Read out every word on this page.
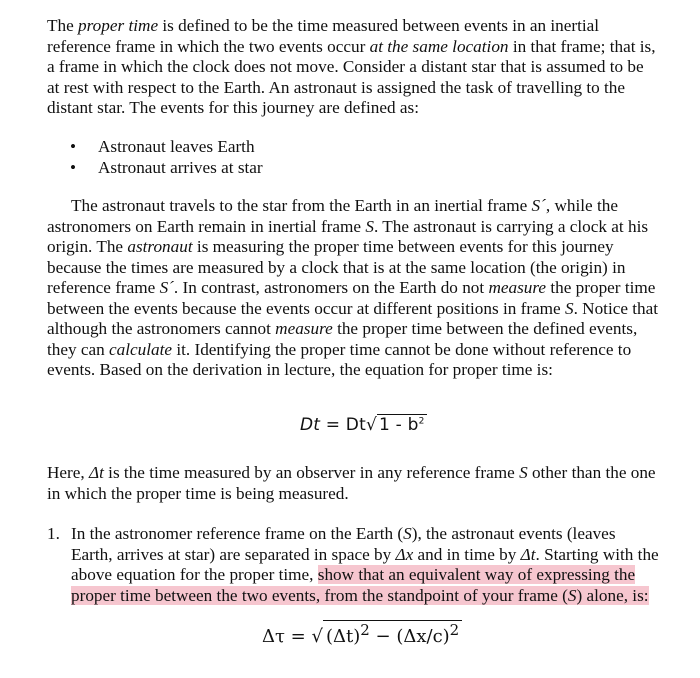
The proper time is defined to be the time measured between events in an inertial reference frame in which the two events occur at the same location in that frame; that is, a frame in which the clock does not move. Consider a distant star that is assumed to be at rest with respect to the Earth. An astronaut is assigned the task of travelling to the distant star. The events for this journey are defined as:
• Astronaut leaves Earth
• Astronaut arrives at star
The astronaut travels to the star from the Earth in an inertial frame S´, while the astronomers on Earth remain in inertial frame S. The astronaut is carrying a clock at his origin. The astronaut is measuring the proper time between events for this journey because the times are measured by a clock that is at the same location (the origin) in reference frame S´. In contrast, astronomers on the Earth do not measure the proper time between the events because the events occur at different positions in frame S. Notice that although the astronomers cannot measure the proper time between the defined events, they can calculate it. Identifying the proper time cannot be done without reference to events. Based on the derivation in lecture, the equation for proper time is:
Dt = Dt√ $1 - b^2$
Here, Δt is the time measured by an observer in any reference frame S other than the one in which the proper time is being measured.
1. In the astronomer reference frame on the Earth (S), the astronaut events (leaves Earth, arrives at star) are separated in space by Δx and in time by Δt. Starting with the above equation for the proper time, show that an equivalent way of expressing the proper time between the two events, from the standpoint of your frame (S) alone, is:
Δτ = √ $(\Delta t)^2 - (\Delta x/c)^2$
